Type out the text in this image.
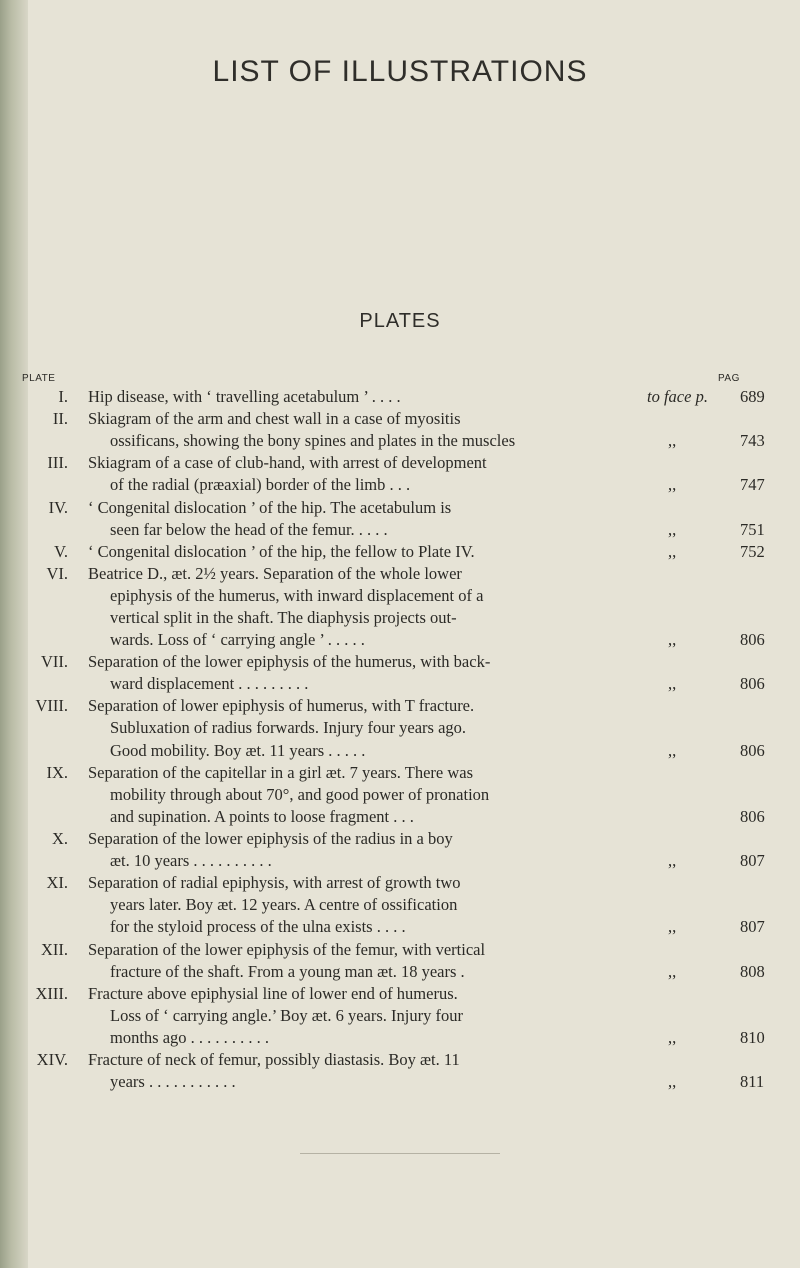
LIST OF ILLUSTRATIONS
PLATES
PLATE	PAG
I. Hip disease, with ‘ travelling acetabulum ’ . . . .	to face p.	689
II. Skiagram of the arm and chest wall in a case of myositis
ossificans, showing the bony spines and plates in the muscles	,,	743
III. Skiagram of a case of club-hand, with arrest of development
of the radial (præaxial) border of the limb . . .	,,	747
IV. ‘ Congenital dislocation ’ of the hip. The acetabulum is
seen far below the head of the femur. . . . .	,,	751
V. ‘ Congenital dislocation ’ of the hip, the fellow to Plate IV.	,,	752
VI. Beatrice D., æt. 2½ years. Separation of the whole lower
epiphysis of the humerus, with inward displacement of a
vertical split in the shaft. The diaphysis projects out-
wards. Loss of ‘ carrying angle ’ . . . . .	,,	806
VII. Separation of the lower epiphysis of the humerus, with back-
ward displacement . . . . . . . . .	,,	806
VIII. Separation of lower epiphysis of humerus, with T fracture.
Subluxation of radius forwards. Injury four years ago.
Good mobility. Boy æt. 11 years . . . . .	,,	806
IX. Separation of the capitellar in a girl æt. 7 years. There was
mobility through about 70°, and good power of pronation
and supination. A points to loose fragment . . .	806
X. Separation of the lower epiphysis of the radius in a boy
æt. 10 years . . . . . . . . . .	,,	807
XI. Separation of radial epiphysis, with arrest of growth two
years later. Boy æt. 12 years. A centre of ossification
for the styloid process of the ulna exists . . . .	,,	807
XII. Separation of the lower epiphysis of the femur, with vertical
fracture of the shaft. From a young man æt. 18 years .	,,	808
XIII. Fracture above epiphysial line of lower end of humerus.
Loss of ‘ carrying angle.’ Boy æt. 6 years. Injury four
months ago . . . . . . . . . .	,,	810
XIV. Fracture of neck of femur, possibly diastasis. Boy æt. 11
years . . . . . . . . . . .	,,	811
